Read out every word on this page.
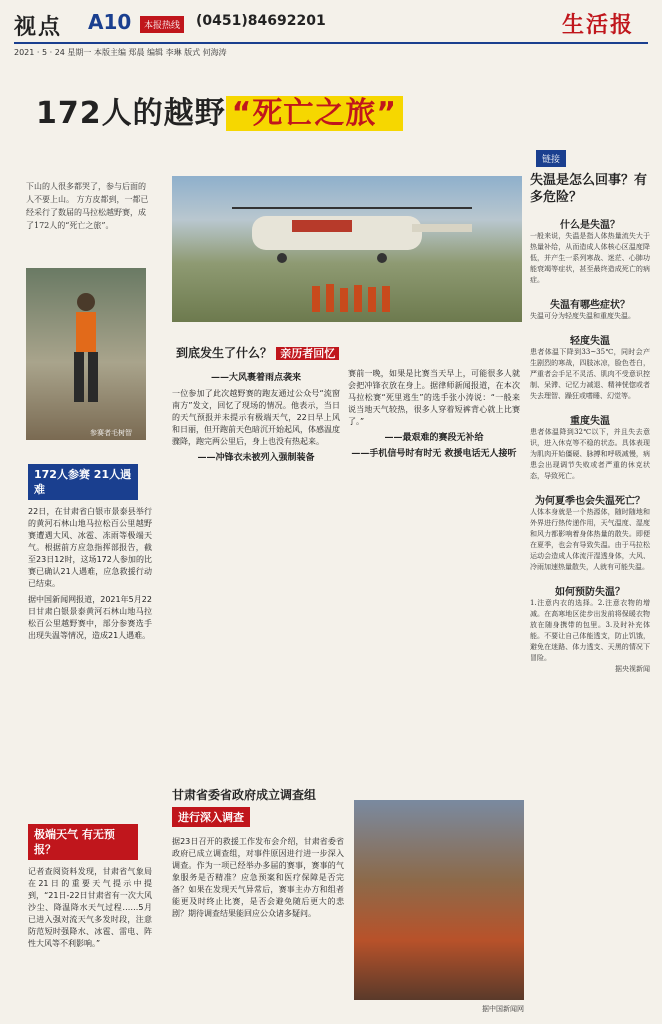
视点 A10	本报热线 (0451)84692201	生活报
2021 · 5 · 24 星期一 本版主编 郑晨 编辑 李琳 版式 何海涛
172人的越野 “死亡之旅”
链接
下山的人很多都哭了，参与后面的人不要上山。 方方皮都到，一都已经采行了数届的马拉松越野赛，成了172人的“死亡之旅”。
参赛者毛树智
到底发生了什么？ 亲历者回忆
——大风裹着雨点袭来
一位参加了此次越野赛的跑友通过公众号“流窗南方”发文，回忆了现场的情况。他表示，当日的天气预报并未提示有极端天气，22日早上风和日丽，但开跑前天色暗沉开始起风，体感温度骤降，跑完两公里后，身上也没有热起来。
——冲锋衣未被列入强制装备
赛前一晚，如果是比赛当天早上，可能很多人就会把冲锋衣放在身上。据律师新闻报道，在本次马拉松赛“死里逃生”的选手张小涛说：“一般来说当地天气较热，很多人穿着短裤背心就上比赛了。”
——最艰难的赛段无补给
——手机信号时有时无 救援电话无人接听
172人参赛 21人遇难
22日，在甘肃省白银市景泰县举行的黄河石林山地马拉松百公里越野赛遭遇大风、冰雹、冻雨等极端天气。根据前方应急指挥部报告，截至23日12时，这场172人参加的比赛已确认21人遇难，应急救援行动已结束。
据中国新闻网报道，2021年5月22日甘肃白银景泰黄河石林山地马拉松百公里越野赛中，部分参赛选手出现失温等情况，造成21人遇难。
极端天气 有无预报？
记者查阅资料发现，甘肃省气象局在21日的重要天气提示中提到，“21日-22日甘肃省有一次大风沙尘、降温降水天气过程……5月已进入强对流天气多发时段，注意防范短时强降水、冰雹、雷电、阵性大风等不利影响。”
甘肃省委省政府成立调查组
进行深入调查
据23日召开的救援工作发布会介绍，甘肃省委省政府已成立调查组，对事件原因进行进一步深入调查。作为一项已经举办多届的赛事，赛事的气象服务是否精准？应急预案和医疗保障是否完备？如果在发现天气异常后，赛事主办方和组者能更及时终止比赛，是否会避免随后更大的悲剧？期待调查结果能回应公众诸多疑问。
据中国新闻网
失温是怎么回事？有多危险？
什么是失温？
一般来说，失温是指人体热量流失大于热量补给，从而造成人体核心区温度降低，并产生一系列寒战、迷茫、心肺功能衰竭等症状，甚至最终造成死亡的病症。
失温有哪些症状？
失温可分为轻度失温和重度失温。
轻度失温
患者体温下降到33~35℃，同时会产生剧烈的寒战，四肢冰凉，脸色苍白，严重者会手足不灵活、肌肉不受意识控制、呆滞、记忆力减退、精神恍惚或者失去理智、躁狂或嗜睡、幻觉等。
重度失温
患者体温降到32℃以下，并且失去意识，进入休克等不稳的状态。具体表现为肌肉开始僵硬、脉搏和呼吸减慢，病患会出现调节失败或者严重的休克状态，导致死亡。
为何夏季也会失温死亡？
人体本身就是一个热源体，随时随地和外界进行热传递作用，天气温度、湿度和风力都影响着身体热量的散失。即便在夏季，也会有导致失温。由于马拉松运动会造成人体流汗湿透身体，大风、冷雨加速热量散失，人就有可能失温。
如何预防失温？
1.注意内衣的选择。2.注意衣物的增减。在高寒地区徒步出发前将保暖衣物放在随身携带的包里。3.及时补充体能。不要让自己体能透支，防止饥饿，避免在迷路、体力透支、天黑的情况下冒险。
据央视新闻
